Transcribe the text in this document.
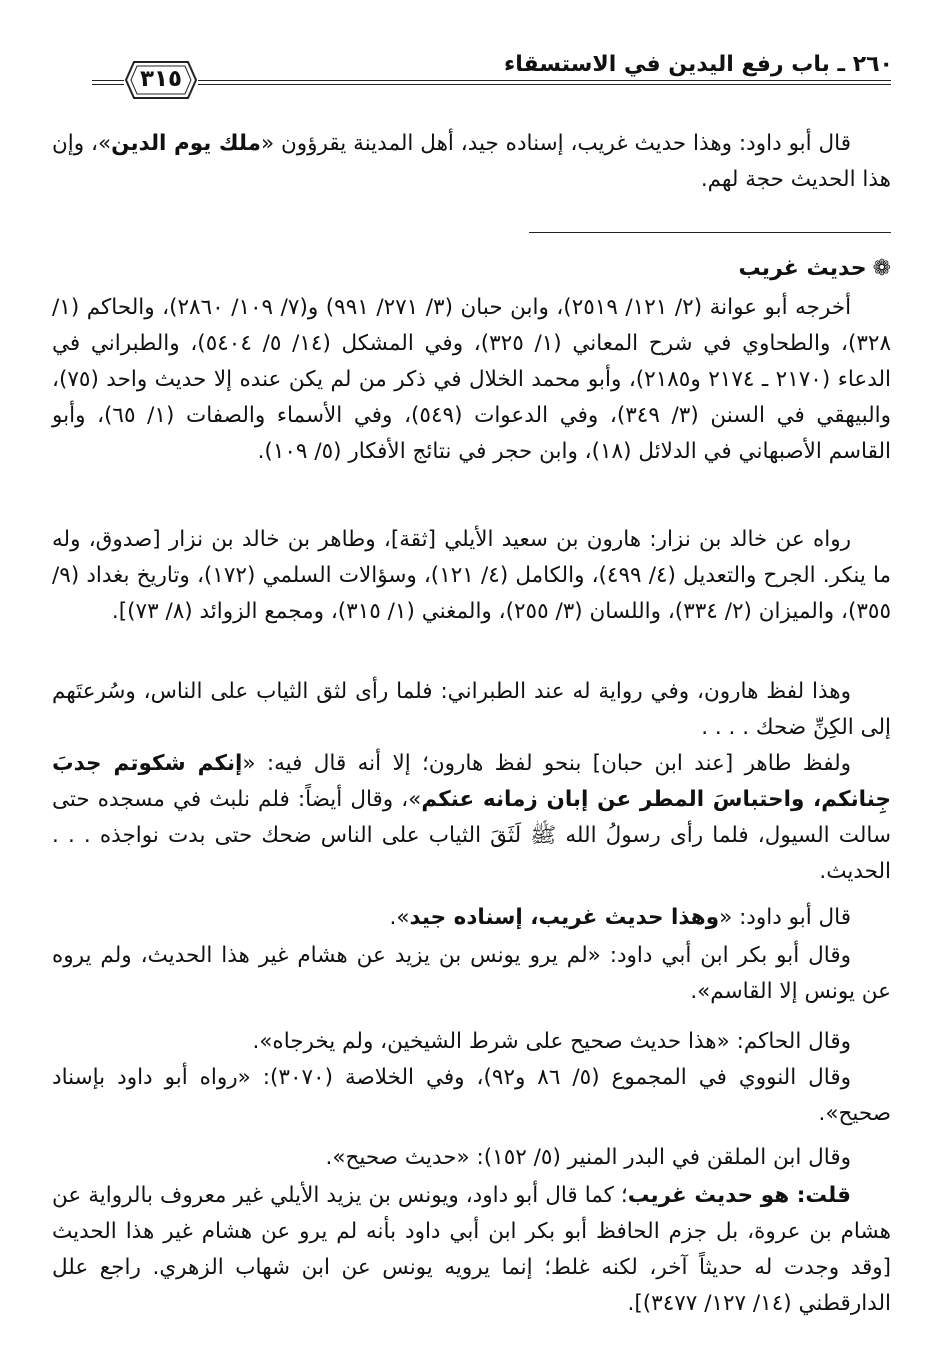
٢٦٠ ـ باب رفع اليدين في الاستسقاء
٣١٥
قال أبو داود: وهذا حديث غريب، إسناده جيد، أهل المدينة يقرؤون «ملك يوم الدين»، وإن هذا الحديث حجة لهم.
❁حديث غريب
أخرجه أبو عوانة (٢/ ١٢١/ ٢٥١٩)، وابن حبان (٣/ ٢٧١/ ٩٩١) و(٧/ ١٠٩/ ٢٨٦٠)، والحاكم (١/ ٣٢٨)، والطحاوي في شرح المعاني (١/ ٣٢٥)، وفي المشكل (١٤/ ٥/ ٥٤٠٤)، والطبراني في الدعاء (٢١٧٠ ـ ٢١٧٤ و٢١٨٥)، وأبو محمد الخلال في ذكر من لم يكن عنده إلا حديث واحد (٧٥)، والبيهقي في السنن (٣/ ٣٤٩)، وفي الدعوات (٥٤٩)، وفي الأسماء والصفات (١/ ٦٥)، وأبو القاسم الأصبهاني في الدلائل (١٨)، وابن حجر في نتائج الأفكار (٥/ ١٠٩).
رواه عن خالد بن نزار: هارون بن سعيد الأيلي [ثقة]، وطاهر بن خالد بن نزار [صدوق، وله ما ينكر. الجرح والتعديل (٤/ ٤٩٩)، والكامل (٤/ ١٢١)، وسؤالات السلمي (١٧٢)، وتاريخ بغداد (٩/ ٣٥٥)، والميزان (٢/ ٣٣٤)، واللسان (٣/ ٢٥٥)، والمغني (١/ ٣١٥)، ومجمع الزوائد (٨/ ٧٣)].
وهذا لفظ هارون، وفي رواية له عند الطبراني: فلما رأى لثق الثياب على الناس، وسُرعتَهم إلى الكِنِّ ضحك . . . .
ولفظ طاهر [عند ابن حبان] بنحو لفظ هارون؛ إلا أنه قال فيه: «إنكم شكوتم جدبَ جِنانكم، واحتباسَ المطر عن إبان زمانه عنكم»، وقال أيضاً: فلم نلبث في مسجده حتى سالت السيول، فلما رأى رسولُ الله ﷺ لَثَقَ الثياب على الناس ضحك حتى بدت نواجذه . . . الحديث.
قال أبو داود: «وهذا حديث غريب، إسناده جيد».
وقال أبو بكر ابن أبي داود: «لم يرو يونس بن يزيد عن هشام غير هذا الحديث، ولم يروه عن يونس إلا القاسم».
وقال الحاكم: «هذا حديث صحيح على شرط الشيخين، ولم يخرجاه».
وقال النووي في المجموع (٥/ ٨٦ و٩٢)، وفي الخلاصة (٣٠٧٠): «رواه أبو داود بإسناد صحيح».
وقال ابن الملقن في البدر المنير (٥/ ١٥٢): «حديث صحيح».
قلت: هو حديث غريب؛ كما قال أبو داود، ويونس بن يزيد الأيلي غير معروف بالرواية عن هشام بن عروة، بل جزم الحافظ أبو بكر ابن أبي داود بأنه لم يرو عن هشام غير هذا الحديث [وقد وجدت له حديثاً آخر، لكنه غلط؛ إنما يرويه يونس عن ابن شهاب الزهري. راجع علل الدارقطني (١٤/ ١٢٧/ ٣٤٧٧)].
